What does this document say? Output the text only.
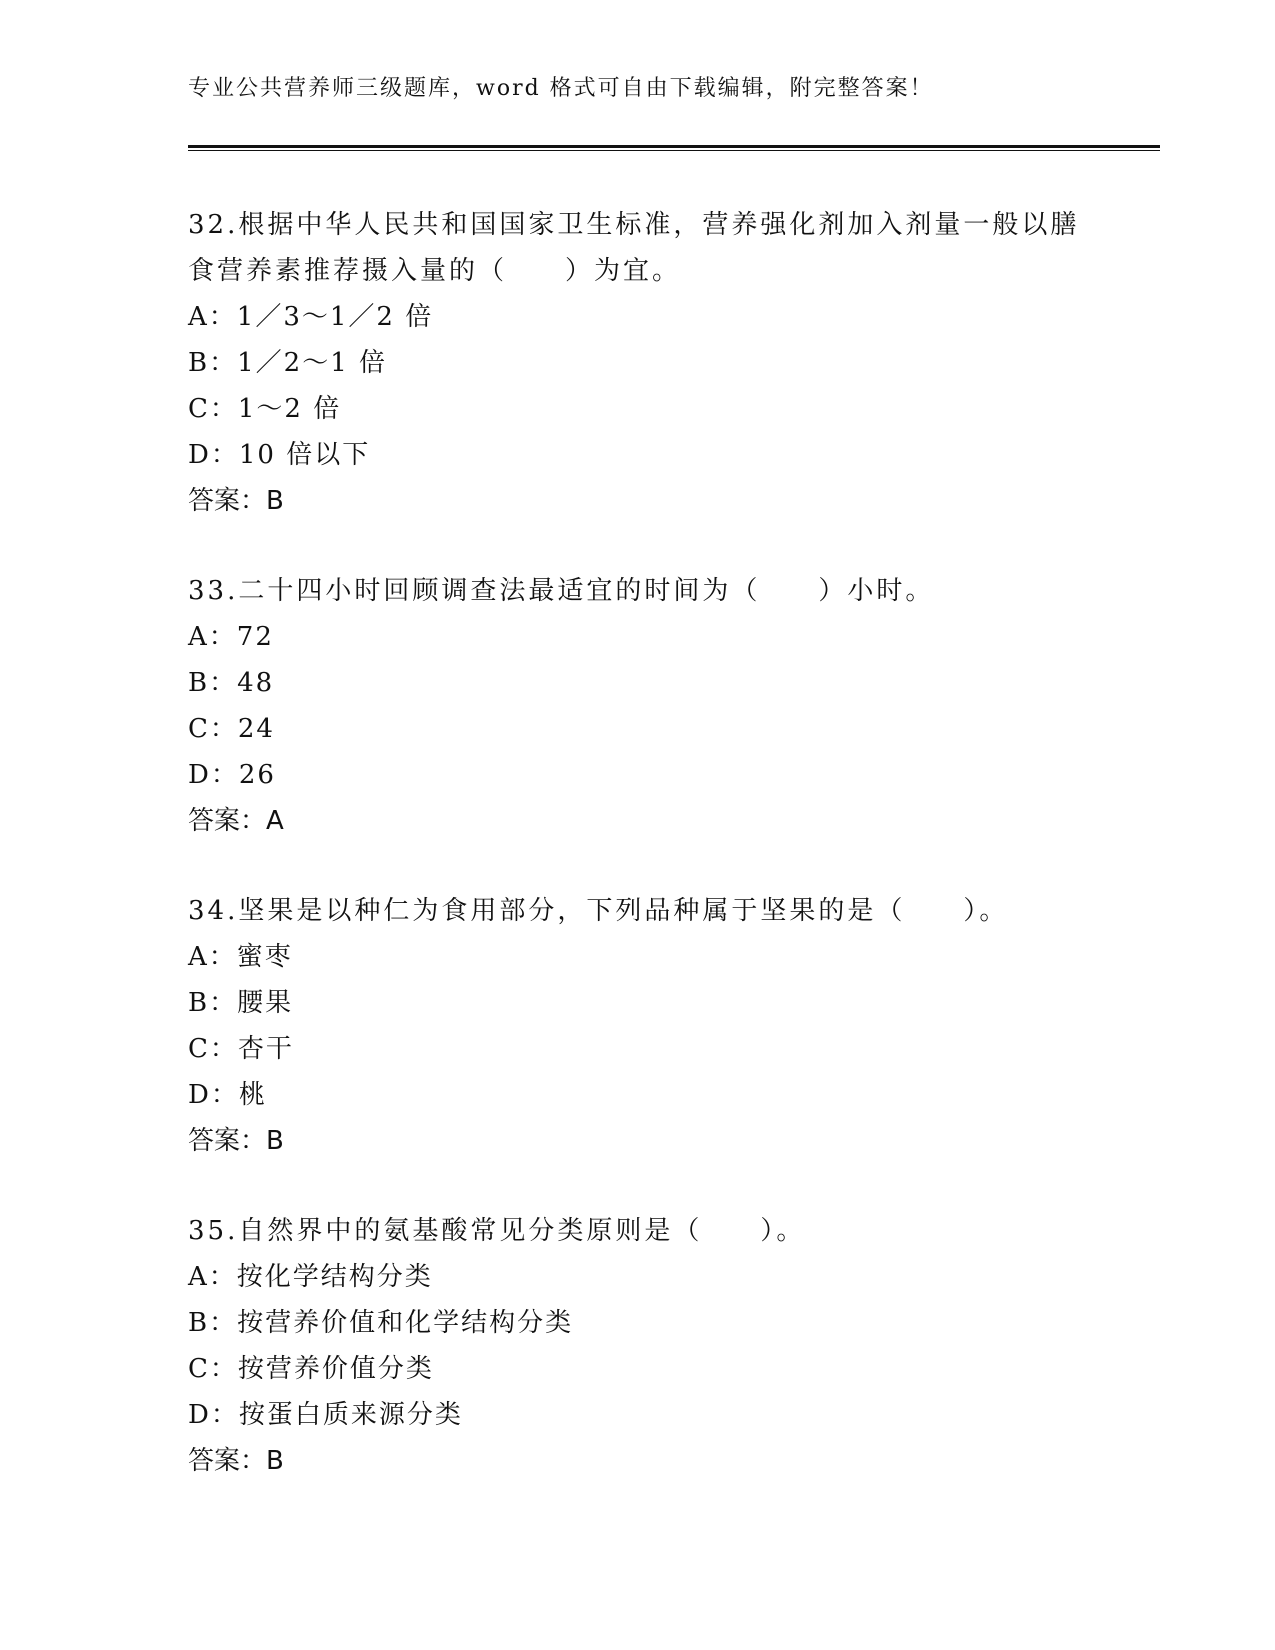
专业公共营养师三级题库，word 格式可自由下载编辑，附完整答案！

32.根据中华人民共和国国家卫生标准，营养强化剂加入剂量一般以膳

食营养素推荐摄入量的（　　）为宜。

A：1／3～1／2 倍

B：1／2～1 倍

C：1～2 倍

D：10 倍以下

答案：B

33.二十四小时回顾调查法最适宜的时间为（　　）小时。

A：72

B：48

C：24

D：26

答案：A

34.坚果是以种仁为食用部分，下列品种属于坚果的是（　　）。

A：蜜枣

B：腰果

C：杏干

D：桃

答案：B

35.自然界中的氨基酸常见分类原则是（　　）。

A：按化学结构分类

B：按营养价值和化学结构分类

C：按营养价值分类

D：按蛋白质来源分类

答案：B
